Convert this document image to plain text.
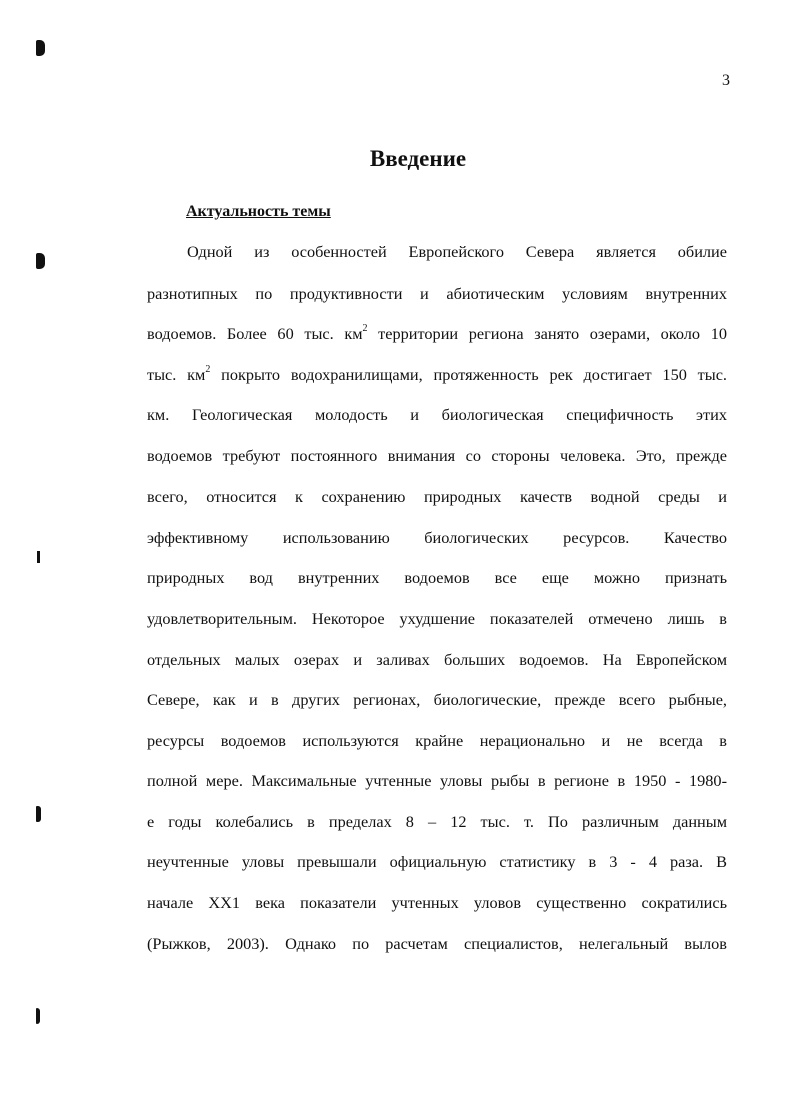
3
Введение
Актуальность темы
Одной из особенностей Европейского Севера является обилие
разнотипных по продуктивности и абиотическим условиям внутренних
водоемов. Более 60 тыс. $км^2$ территории региона занято озерами, около 10
тыс. $км^2$ покрыто водохранилищами, протяженность рек достигает 150 тыс.
км. Геологическая молодость и биологическая специфичность этих
водоемов требуют постоянного внимания со стороны человека. Это, прежде
всего, относится к сохранению природных качеств водной среды и
эффективному использованию биологических ресурсов. Качество
природных вод внутренних водоемов все еще можно признать
удовлетворительным. Некоторое ухудшение показателей отмечено лишь в
отдельных малых озерах и заливах больших водоемов. На Европейском
Севере, как и в других регионах, биологические, прежде всего рыбные,
ресурсы водоемов используются крайне нерационально и не всегда в
полной мере. Максимальные учтенные уловы рыбы в регионе в 1950 - 1980-
е годы колебались в пределах 8 – 12 тыс. т. По различным данным
неучтенные уловы превышали официальную статистику в 3 - 4 раза. В
начале XX1 века показатели учтенных уловов существенно сократились
(Рыжков, 2003). Однако по расчетам специалистов, нелегальный вылов
